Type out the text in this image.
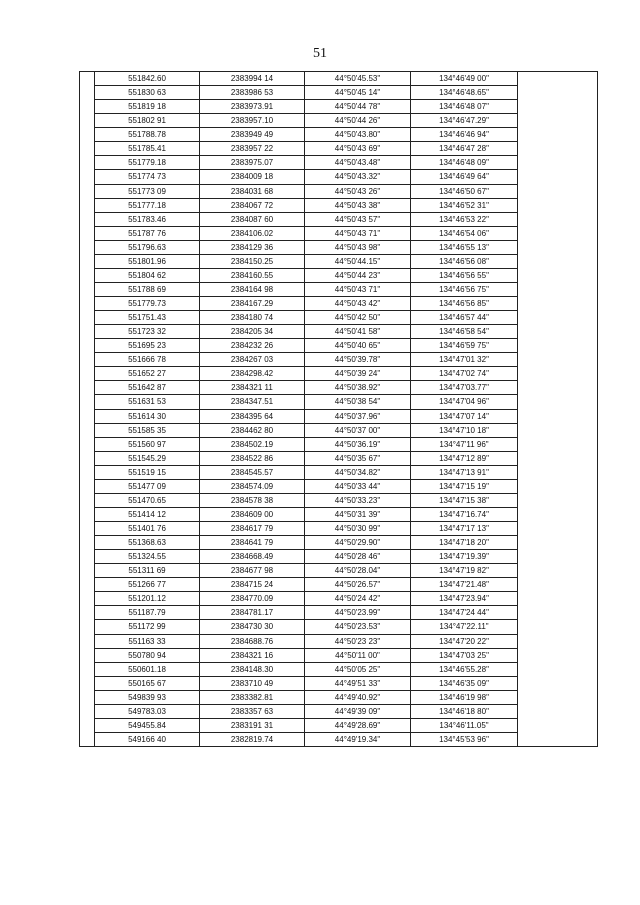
51
	551842.60	2383994 14	44°50'45.53"	134°46'49 00"	
	551830 63	2383986 53	44°50'45 14"	134°46'48.65"	
	551819 18	2383973.91	44°50'44 78"	134°46'48 07"	
	551802 91	2383957.10	44°50'44 26"	134°46'47.29"	
	551788.78	2383949 49	44°50'43.80"	134°46'46 94"	
	551785.41	2383957 22	44°50'43 69"	134°46'47 28"	
	551779.18	2383975.07	44°50'43.48"	134°46'48 09"	
	551774 73	2384009 18	44°50'43.32"	134°46'49 64"	
	551773 09	2384031 68	44°50'43 26"	134°46'50 67"	
	551777.18	2384067 72	44°50'43 38"	134°46'52 31"	
	551783.46	2384087 60	44°50'43 57"	134°46'53 22"	
	551787 76	2384106.02	44°50'43 71"	134°46'54 06"	
	551796.63	2384129 36	44°50'43 98"	134°46'55 13"	
	551801.96	2384150.25	44°50'44.15"	134°46'56 08"	
	551804 62	2384160.55	44°50'44 23"	134°46'56 55"	
	551788 69	2384164 98	44°50'43 71"	134°46'56 75"	
	551779.73	2384167.29	44°50'43 42"	134°46'56 85"	
	551751.43	2384180 74	44°50'42 50"	134°46'57 44"	
	551723 32	2384205 34	44°50'41 58"	134°46'58 54"	
	551695 23	2384232 26	44°50'40 65"	134°46'59 75"	
	551666 78	2384267 03	44°50'39.78"	134°47'01 32"	
	551652 27	2384298.42	44°50'39 24"	134°47'02 74"	
	551642 87	2384321 11	44°50'38.92"	134°47'03.77"	
	551631 53	2384347.51	44°50'38 54"	134°47'04 96"	
	551614 30	2384395 64	44°50'37.96"	134°47'07 14"	
	551585 35	2384462 80	44°50'37 00"	134°47'10 18"	
	551560 97	2384502.19	44°50'36.19"	134°47'11 96"	
	551545.29	2384522 86	44°50'35 67"	134°47'12 89"	
	551519 15	2384545.57	44°50'34.82"	134°47'13 91"	
	551477 09	2384574.09	44°50'33 44"	134°47'15 19"	
	551470.65	2384578 38	44°50'33.23"	134°47'15 38"	
	551414 12	2384609 00	44°50'31 39"	134°47'16.74"	
	551401 76	2384617 79	44°50'30 99"	134°47'17 13"	
	551368.63	2384641 79	44°50'29.90"	134°47'18 20"	
	551324.55	2384668.49	44°50'28 46"	134°47'19.39"	
	551311 69	2384677 98	44°50'28.04"	134°47'19 82"	
	551266 77	2384715 24	44°50'26.57"	134°47'21.48"	
	551201.12	2384770.09	44°50'24 42"	134°47'23.94"	
	551187.79	2384781.17	44°50'23.99"	134°47'24 44"	
	551172 99	2384730 30	44°50'23.53"	134°47'22.11"	
	551163 33	2384688.76	44°50'23 23"	134°47'20 22"	
	550780 94	2384321 16	44°50'11 00"	134°47'03 25"	
	550601.18	2384148.30	44°50'05 25"	134°46'55.28"	
	550165 67	2383710 49	44°49'51 33"	134°46'35 09"	
	549839 93	2383382.81	44°49'40.92"	134°46'19 98"	
	549783.03	2383357 63	44°49'39 09"	134°46'18 80"	
	549455.84	2383191 31	44°49'28.69"	134°46'11.05"	
	549166 40	2382819.74	44°49'19.34"	134°45'53 96"	
